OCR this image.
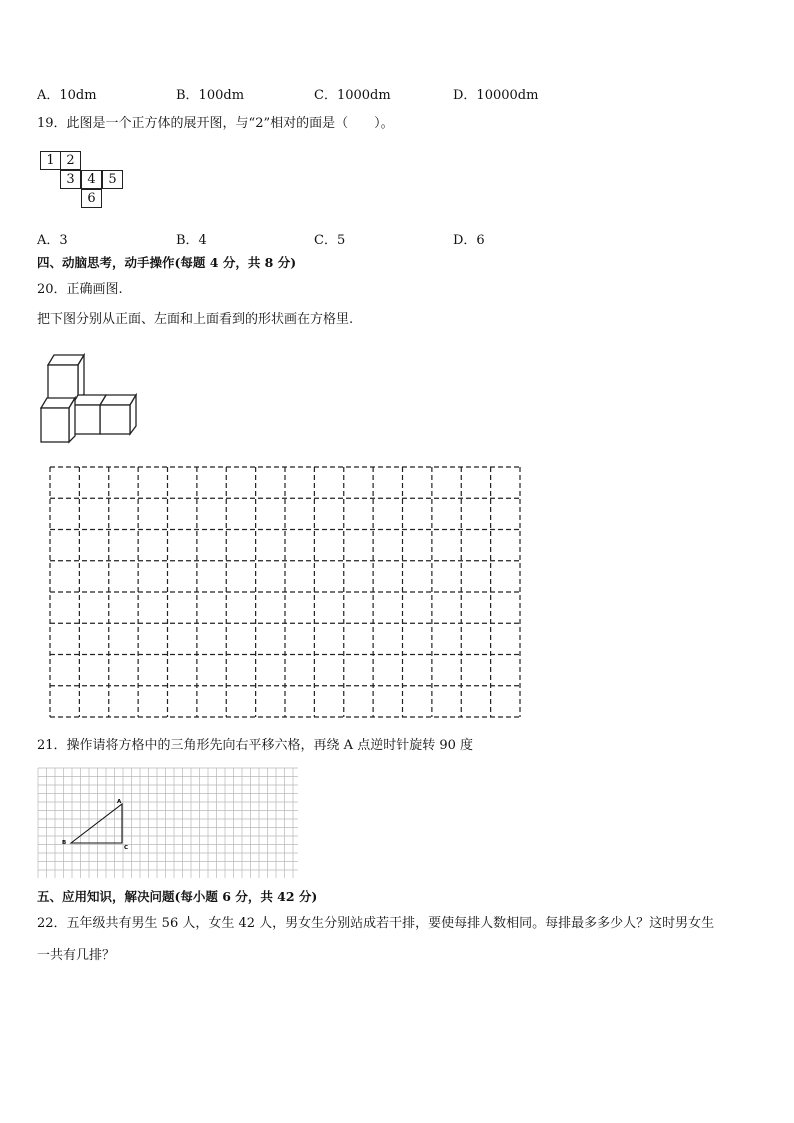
A．10dm	B．100dm	C．1000dm	D．10000dm
19．此图是一个正方体的展开图，与“2”相对的面是（　　）。
1 2
3 4 5
6
A．3	B．4	C．5	D．6
四、动脑思考，动手操作(每题 4 分，共 8 分)
20．正确画图.
把下图分别从正面、左面和上面看到的形状画在方格里.
21．操作请将方格中的三角形先向右平移六格，再绕 A 点逆时针旋转 90 度
A
B
C
五、应用知识，解决问题(每小题 6 分，共 42 分)
22．五年级共有男生 56 人，女生 42 人，男女生分别站成若干排，要使每排人数相同。每排最多多少人？这时男女生
一共有几排？
